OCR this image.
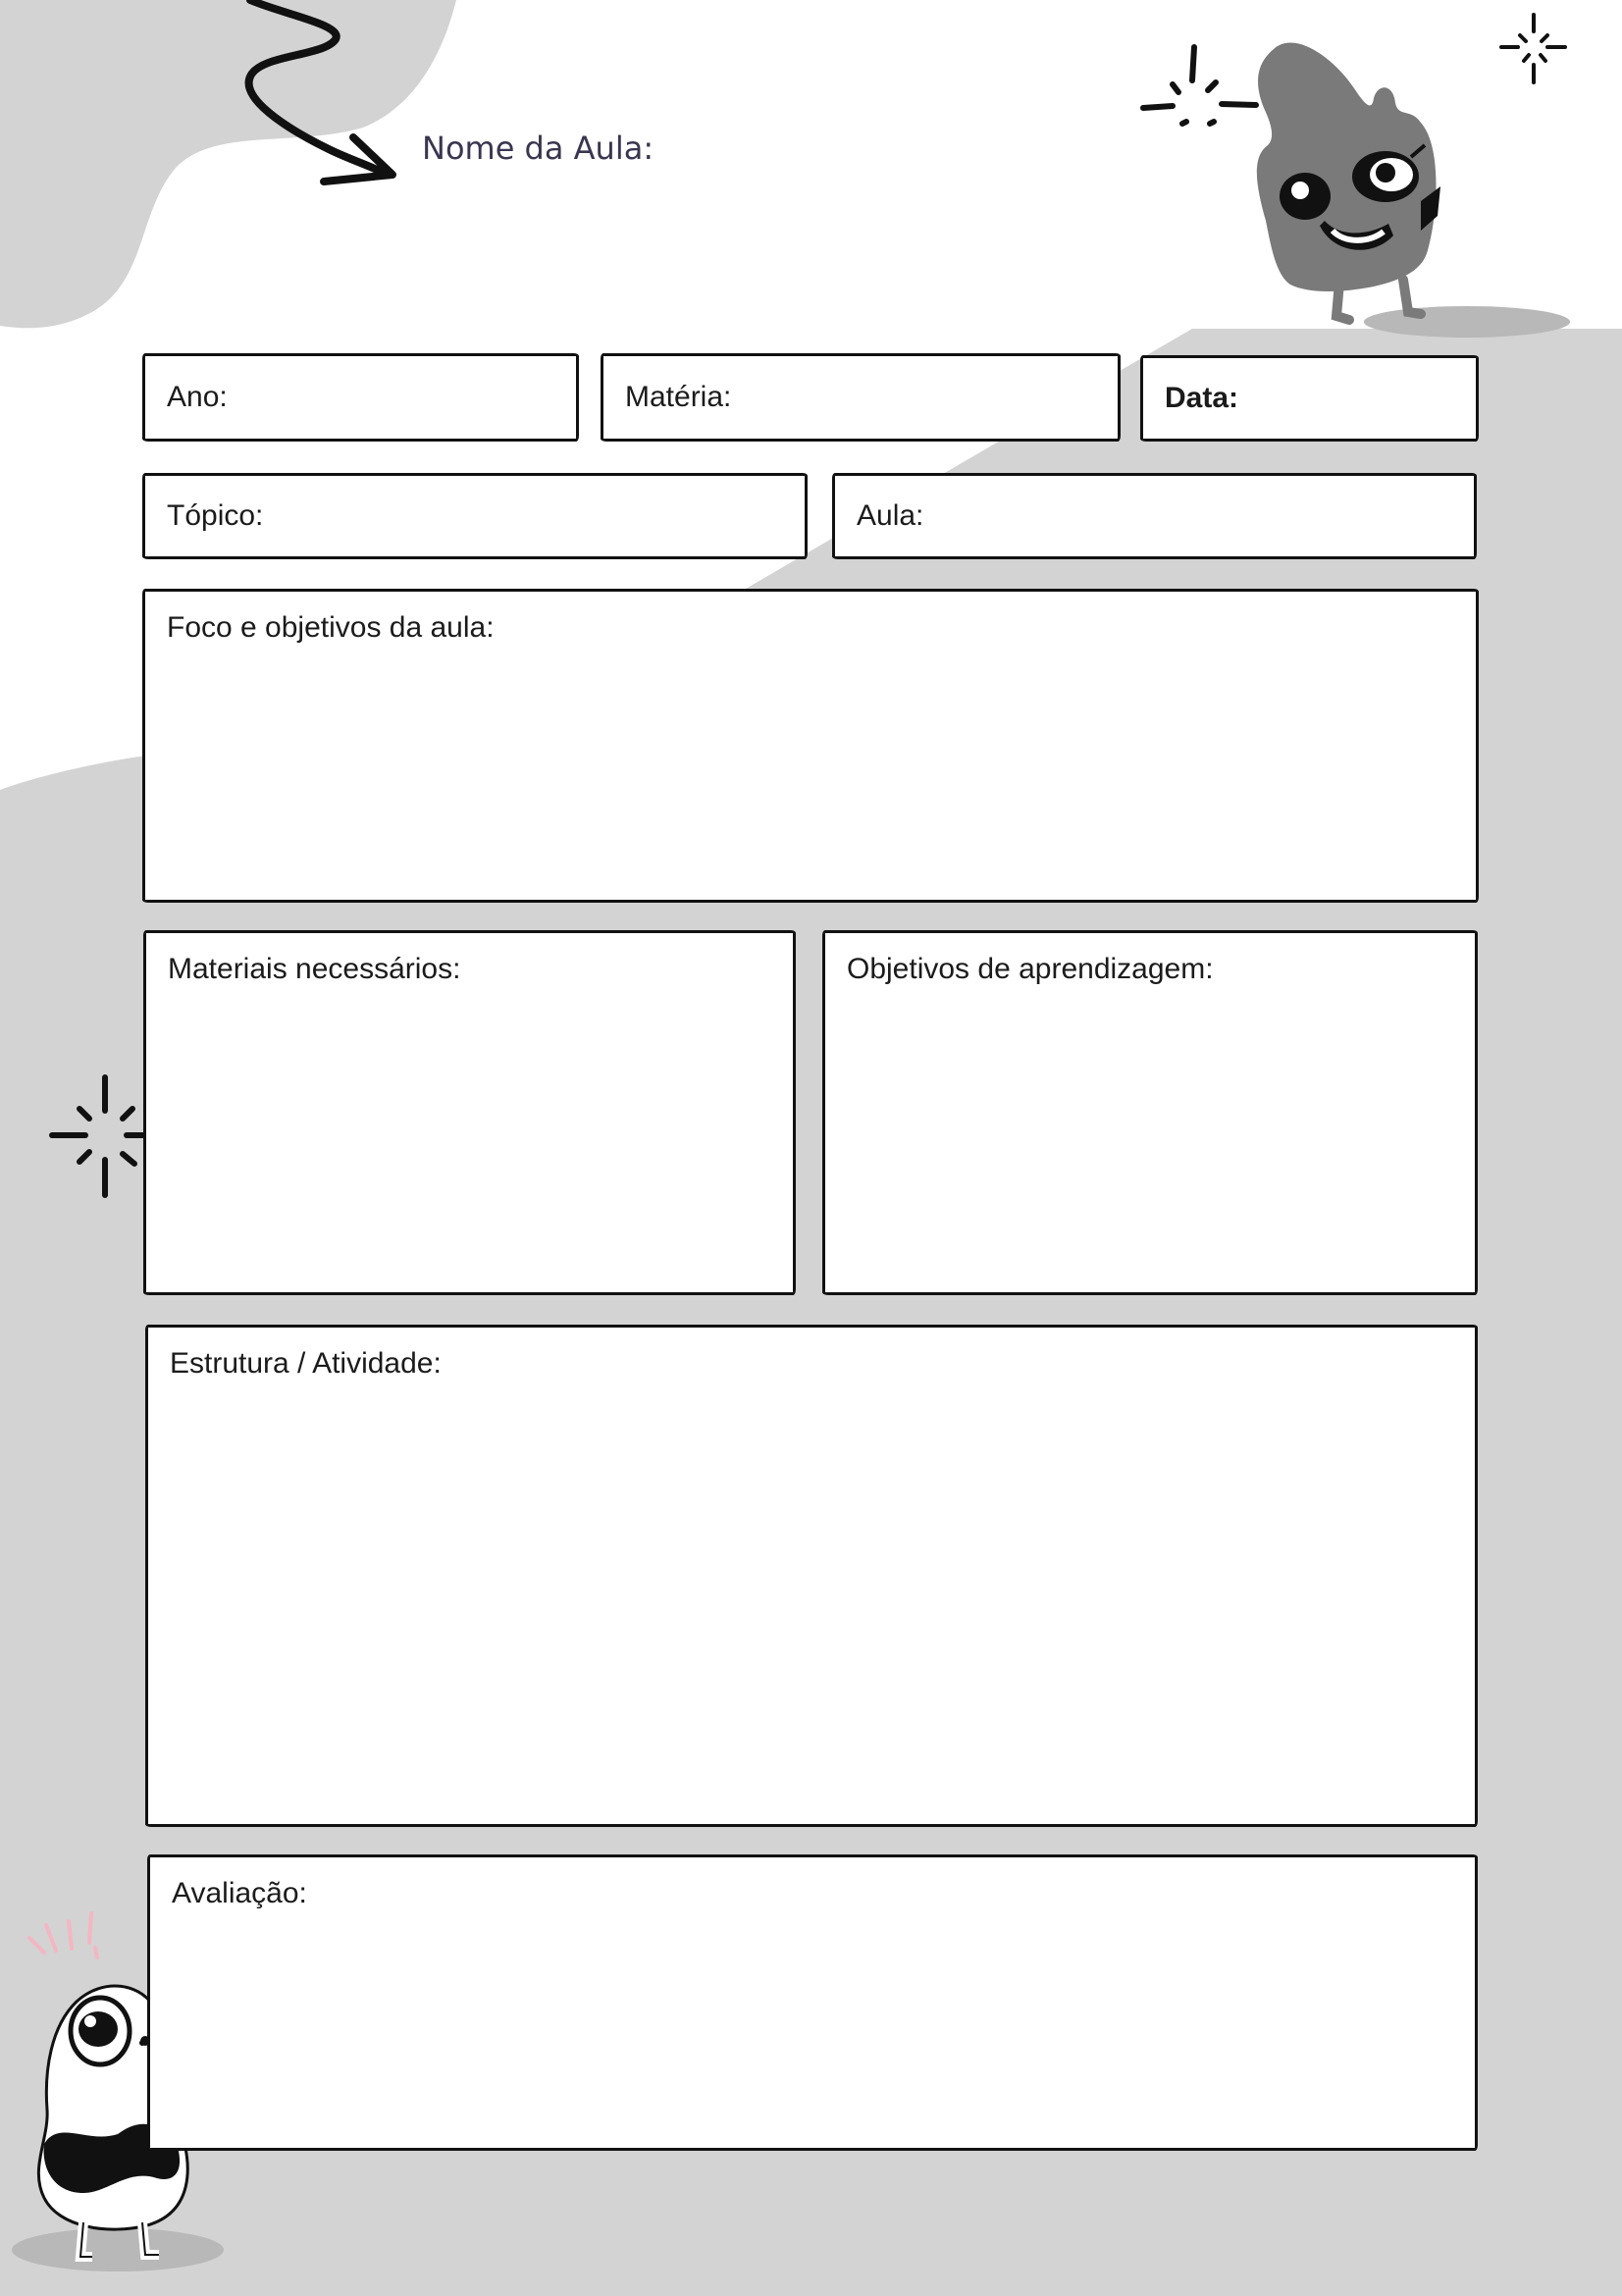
Nome da Aula:
Ano:	Matéria:	Data:
Tópico:	Aula:
Foco e objetivos da aula:
Materiais necessários:	Objetivos de aprendizagem:
Estrutura / Atividade:
Avaliação:
